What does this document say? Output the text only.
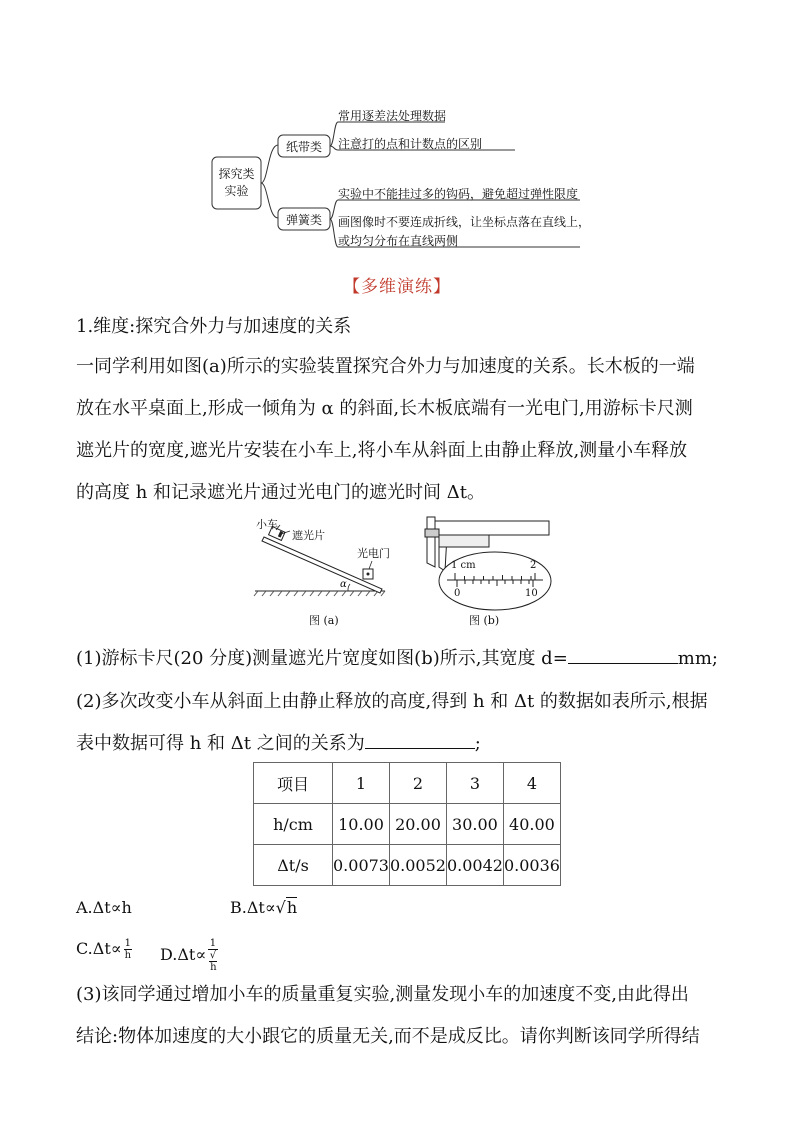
探究类
实验
纸带类
弹簧类
常用逐差法处理数据
注意打的点和计数点的区别
实验中不能挂过多的钩码，避免超过弹性限度
画图像时不要连成折线，让坐标点落在直线上，
或均匀分布在直线两侧
【多维演练】
1.维度:探究合外力与加速度的关系
一同学利用如图(a)所示的实验装置探究合外力与加速度的关系。长木板的一端
放在水平桌面上,形成一倾角为 α 的斜面,长木板底端有一光电门,用游标卡尺测
遮光片的宽度,遮光片安装在小车上,将小车从斜面上由静止释放,测量小车释放
的高度 h 和记录遮光片通过光电门的遮光时间 Δt。
小车
遮光片
光电门
α
图 (a)
1 cm	2
0	10
图 (b)
(1)游标卡尺(20 分度)测量遮光片宽度如图(b)所示,其宽度 d=	mm;
(2)多次改变小车从斜面上由静止释放的高度,得到 h 和 Δt 的数据如表所示,根据
表中数据可得 h 和 Δt 之间的关系为	;
项目	1	2	3	4
h/cm	10.00	20.00	30.00	40.00
Δt/s	0.0073	0.0052	0.0042	0.0036
A.Δt∝h	B.Δt∝√h
$C.\Delta t\propto \frac{1}{h} D.\Delta t\propto 1$
√
h
(3)该同学通过增加小车的质量重复实验,测量发现小车的加速度不变,由此得出
结论:物体加速度的大小跟它的质量无关,而不是成反比。请你判断该同学所得结
